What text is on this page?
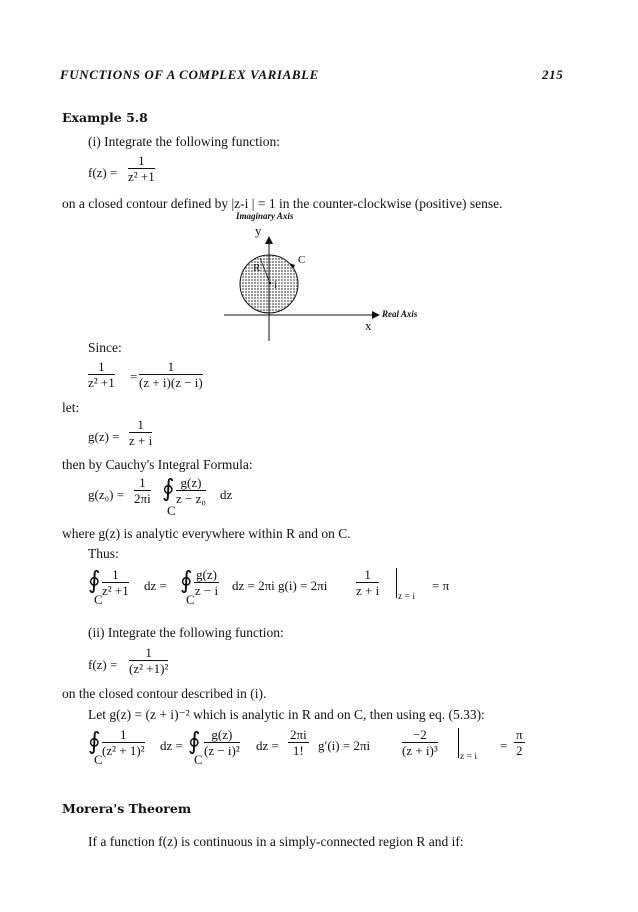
FUNCTIONS OF A COMPLEX VARIABLE	215
Example 5.8
(i) Integrate the following function:
$f(z) = \frac{1}{\text{z² +1}}$
on a closed contour defined by |z-i | = 1 in the counter-clockwise (positive) sense.
Imaginary Axis
y
R
C
i
Real Axis
x
Since:
$\frac{1}{\text{z² +1}} = \frac{1}{(z + i)(z - i)}$
let:
$g(z) = \frac{1}{z + i}$
then by Cauchy's Integral Formula:
$g(z_0) = \frac{1}{2\pi i}$ ∮ $\frac{g(z)}{\text{z − z₀}}$ dz
C
where g(z) is analytic everywhere within R and on C.
Thus:
∮ $\frac{1}{\text{z² +1}}$ dz = ∮ $\frac{g(z)}{z - i}$ dz = 2πi $g(i) = 2\pi i \frac{1}{z + i}$ z = i
= π
C	C
(ii) Integrate the following function:
$f(z) = \frac{1}{\text{(z² +1)²}}$
on the closed contour described in (i).
Let g(z) = (z + i)⁻² which is analytic in R and on C, then using eq. (5.33):
∮ $\frac{1}{\text{(z² + 1)²}}$ dz = ∮ $\frac{g(z)}{\text{(z − i)²}}$ dz = $\frac{2\pi i}{1!} g'(i) = 2\pi i \frac{-2}{\text{(z + i)³}}$ z = i
= $\frac{\pi}{2}$
C	C
Morera's Theorem
If a function f(z) is continuous in a simply-connected region R and if:
